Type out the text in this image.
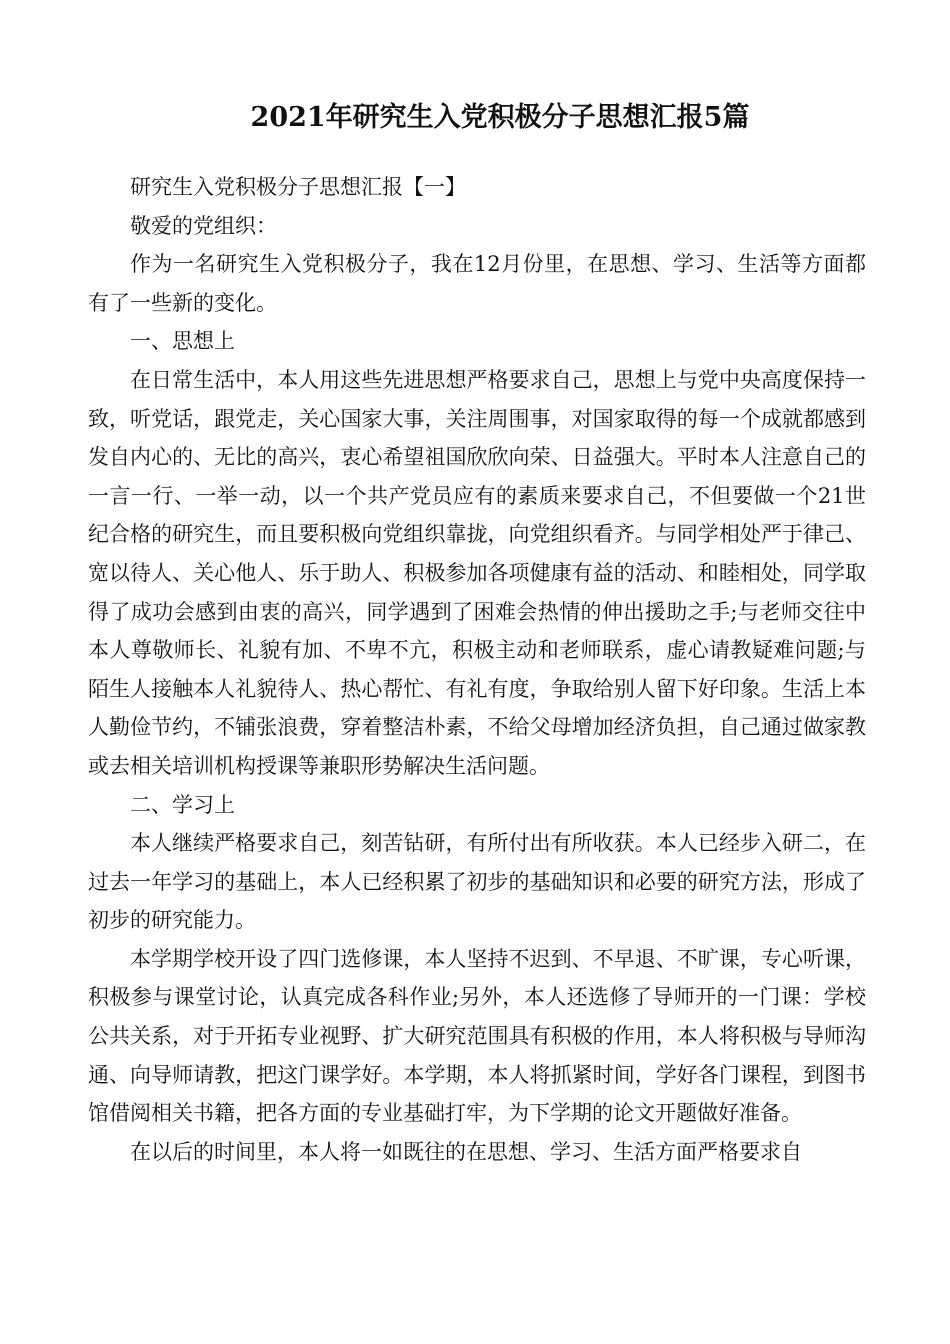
2021年研究生入党积极分子思想汇报5篇

研究生入党积极分子思想汇报【一】

敬爱的党组织：

作为一名研究生入党积极分子，我在12月份里，在思想、学习、生活等方面都有了一些新的变化。

一、思想上

在日常生活中，本人用这些先进思想严格要求自己，思想上与党中央高度保持一致，听党话，跟党走，关心国家大事，关注周围事，对国家取得的每一个成就都感到发自内心的、无比的高兴，衷心希望祖国欣欣向荣、日益强大。平时本人注意自己的一言一行、一举一动，以一个共产党员应有的素质来要求自己，不但要做一个21世纪合格的研究生，而且要积极向党组织靠拢，向党组织看齐。与同学相处严于律己、宽以待人、关心他人、乐于助人、积极参加各项健康有益的活动、和睦相处，同学取得了成功会感到由衷的高兴，同学遇到了困难会热情的伸出援助之手;与老师交往中本人尊敬师长、礼貌有加、不卑不亢，积极主动和老师联系，虚心请教疑难问题;与陌生人接触本人礼貌待人、热心帮忙、有礼有度，争取给别人留下好印象。生活上本人勤俭节约，不铺张浪费，穿着整洁朴素，不给父母增加经济负担，自己通过做家教或去相关培训机构授课等兼职形势解决生活问题。

二、学习上

本人继续严格要求自己，刻苦钻研，有所付出有所收获。本人已经步入研二，在过去一年学习的基础上，本人已经积累了初步的基础知识和必要的研究方法，形成了初步的研究能力。

本学期学校开设了四门选修课，本人坚持不迟到、不早退、不旷课，专心听课，积极参与课堂讨论，认真完成各科作业;另外，本人还选修了导师开的一门课：学校公共关系，对于开拓专业视野、扩大研究范围具有积极的作用，本人将积极与导师沟通、向导师请教，把这门课学好。本学期，本人将抓紧时间，学好各门课程，到图书馆借阅相关书籍，把各方面的专业基础打牢，为下学期的论文开题做好准备。

在以后的时间里，本人将一如既往的在思想、学习、生活方面严格要求自
